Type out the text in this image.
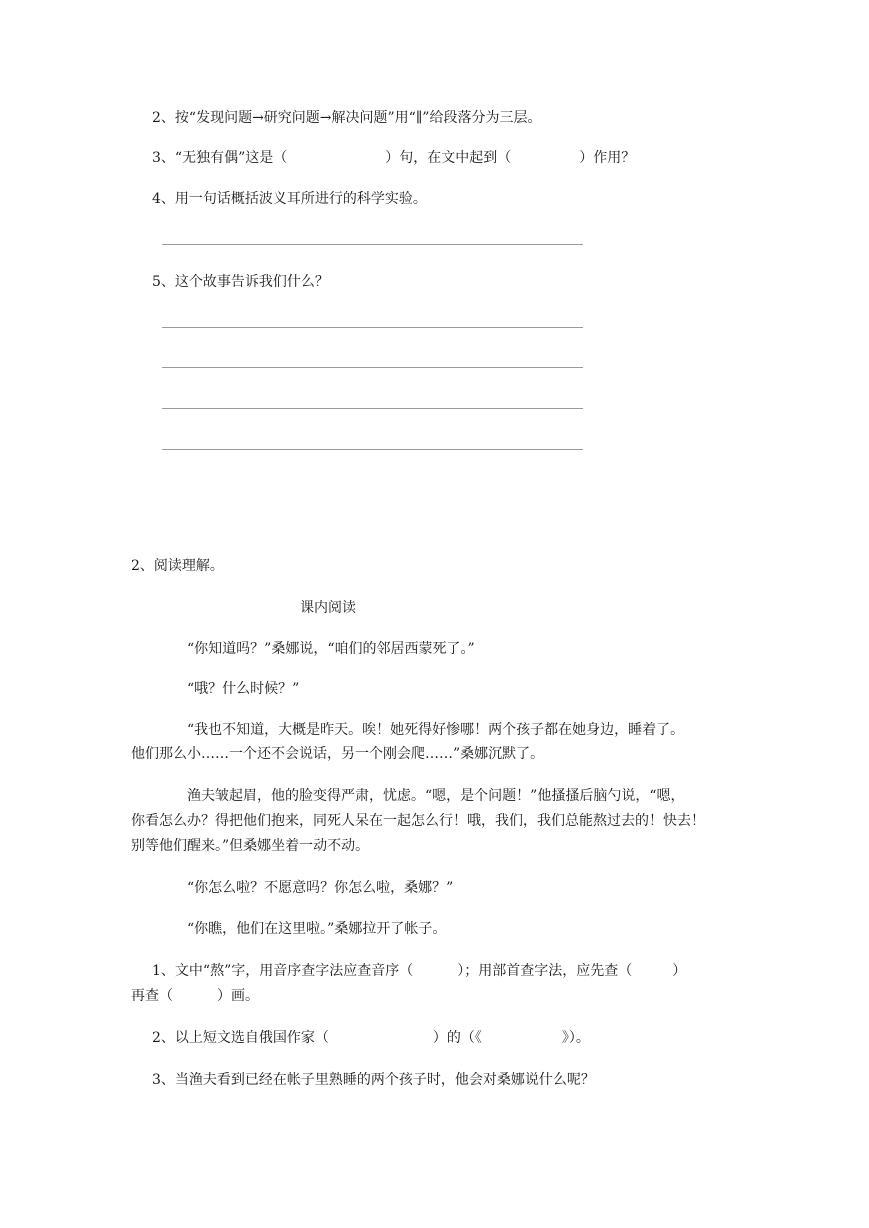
2、按“发现问题→研究问题→解决问题”用“∥”给段落分为三层。
3、“无独有偶”这是（	）句，在文中起到（	）作用？
4、用一句话概括波义耳所进行的科学实验。
5、这个故事告诉我们什么？
2、阅读理解。
课内阅读
“你知道吗？”桑娜说，“咱们的邻居西蒙死了。”
“哦？什么时候？”
“我也不知道，大概是昨天。唉！她死得好惨哪！两个孩子都在她身边，睡着了。
他们那么小……一个还不会说话，另一个刚会爬……”桑娜沉默了。
渔夫皱起眉，他的脸变得严肃，忧虑。“嗯，是个问题！”他搔搔后脑勺说，“嗯，
你看怎么办？得把他们抱来，同死人呆在一起怎么行！哦，我们，我们总能熬过去的！快去！
别等他们醒来。”但桑娜坐着一动不动。
“你怎么啦？不愿意吗？你怎么啦，桑娜？”
“你瞧，他们在这里啦。”桑娜拉开了帐子。
1、文中“熬”字，用音序查字法应查音序（	）；用部首查字法，应先查（	）
再查（	）画。
2、以上短文选自俄国作家（	）的（《	》）。
3、当渔夫看到已经在帐子里熟睡的两个孩子时，他会对桑娜说什么呢？
